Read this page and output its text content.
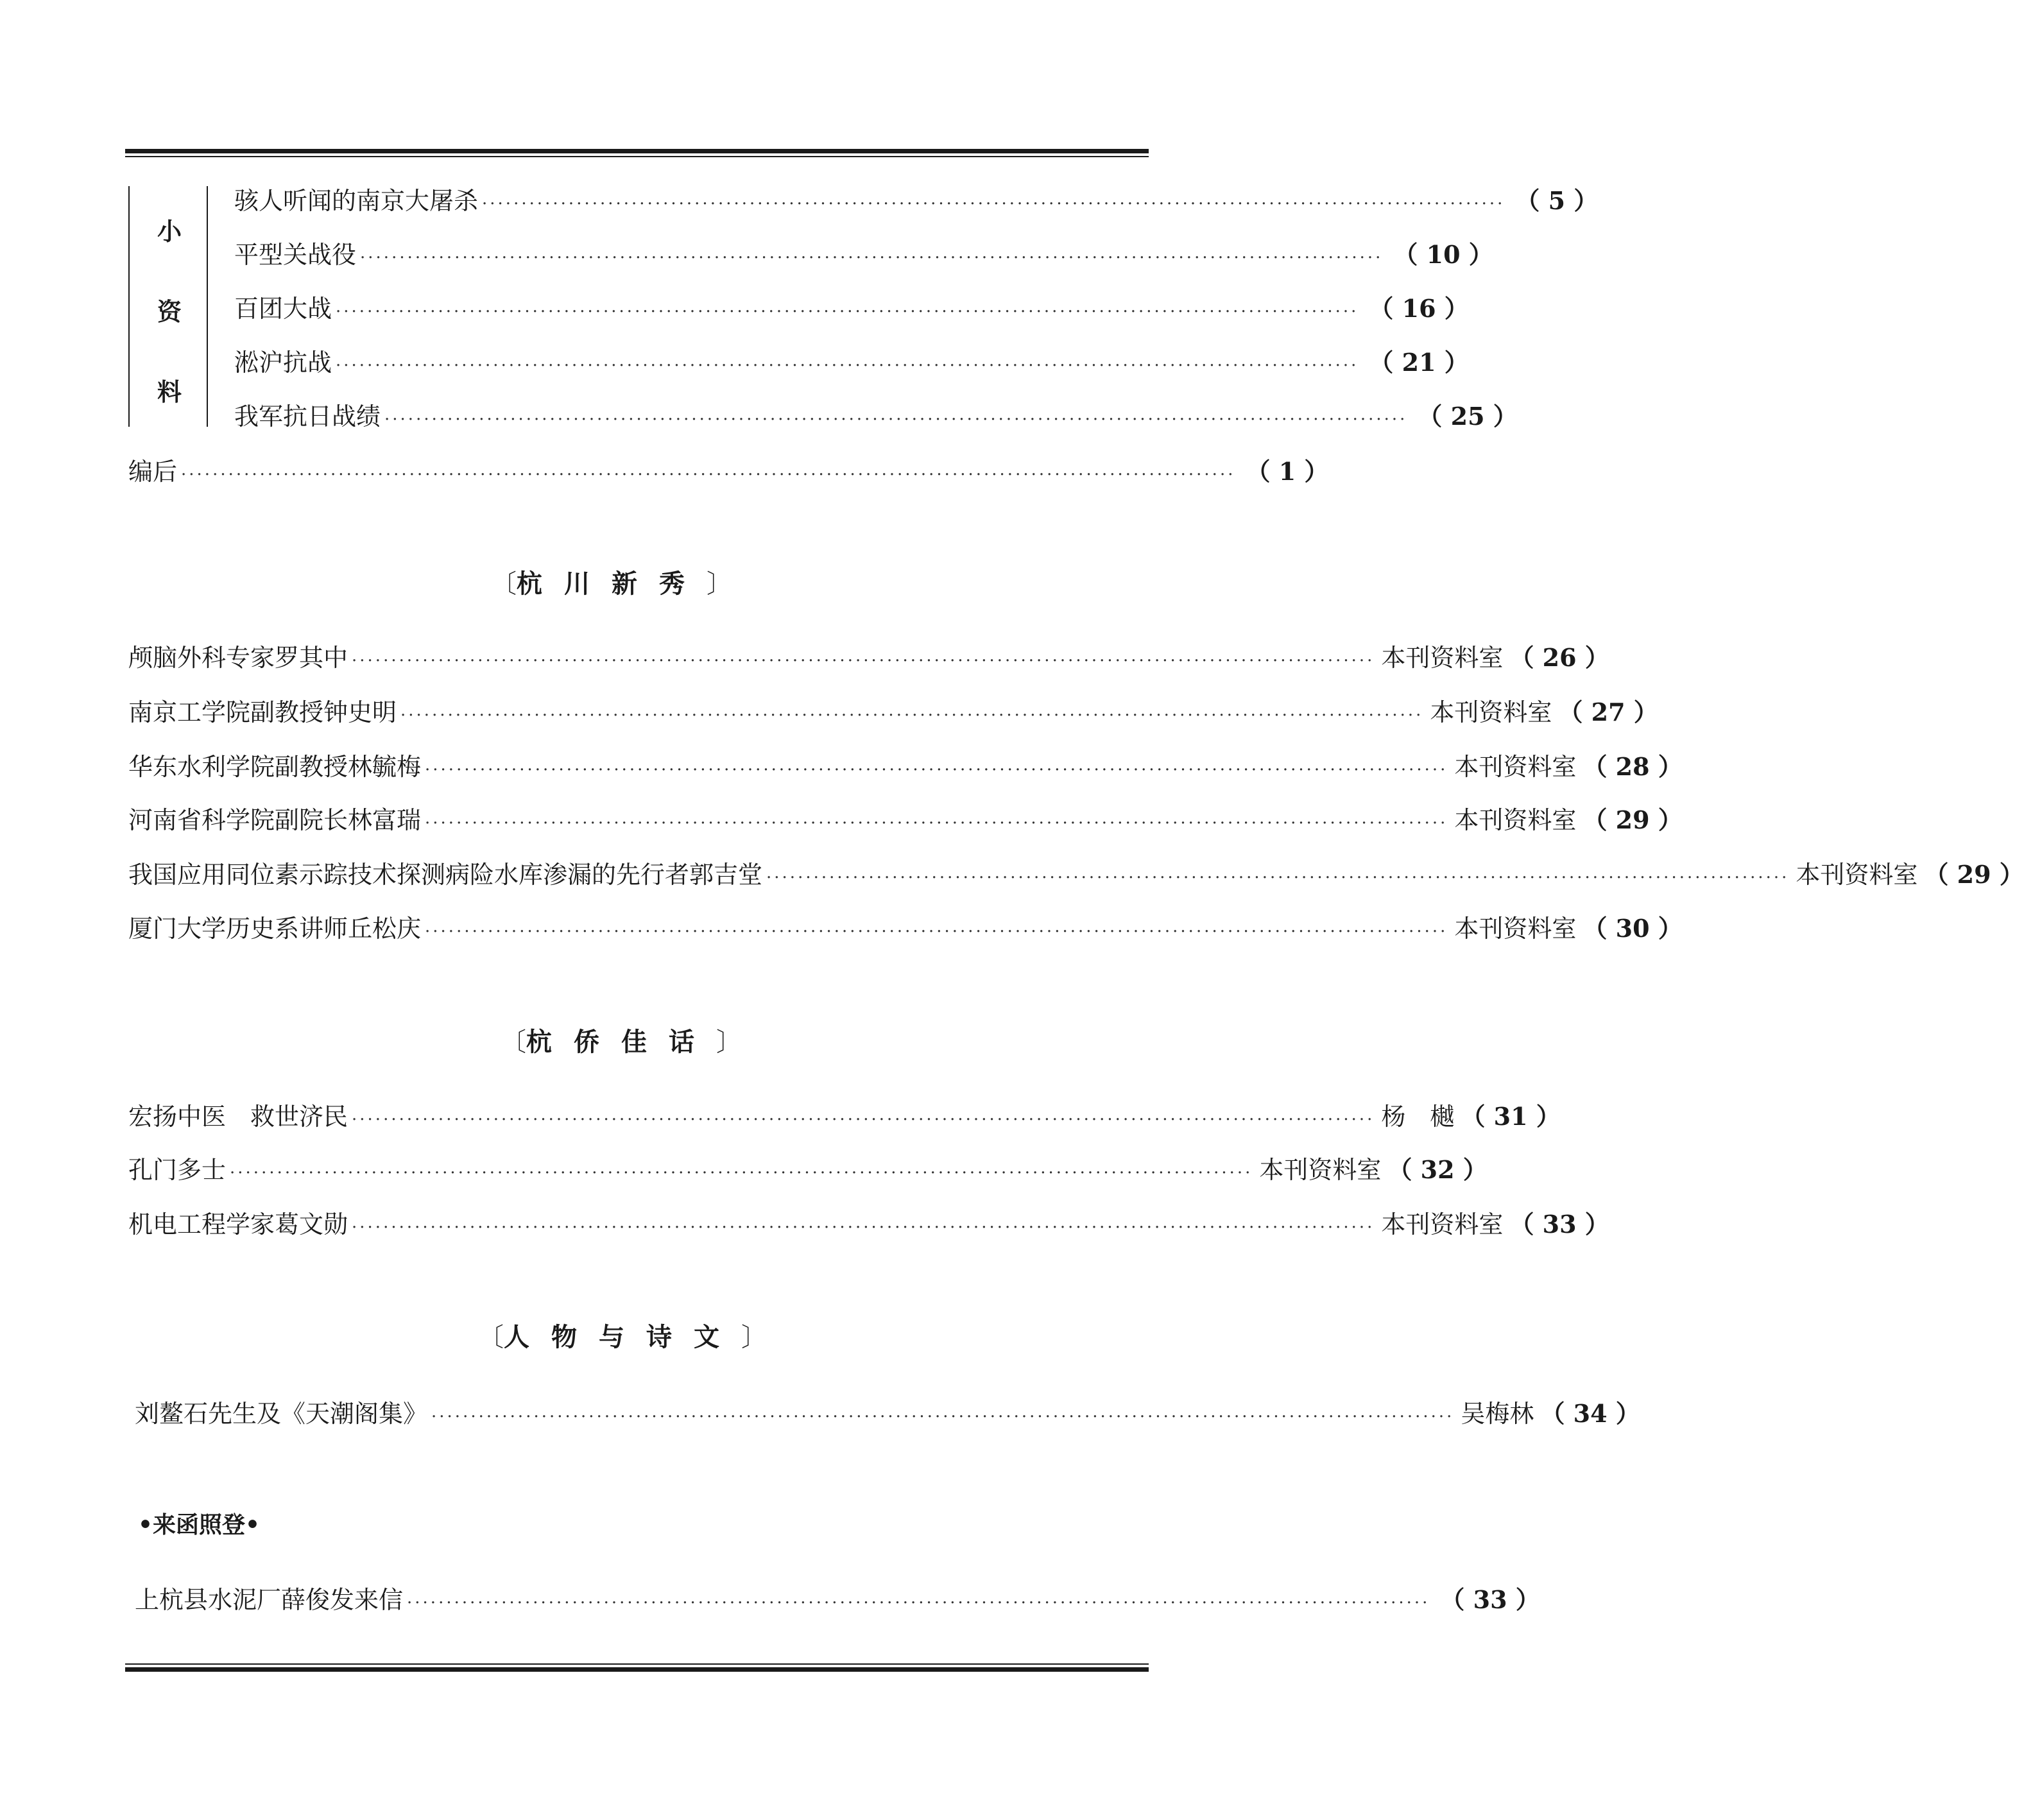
小
资
料
骇人听闻的南京大屠杀 ·································································································································· （ 5 ）
平型关战役 ·································································································································· （ 10 ）
百团大战 ·································································································································· （ 16 ）
淞沪抗战 ·································································································································· （ 21 ）
我军抗日战绩 ·································································································································· （ 25 ）
编后 ······································································································································ （ 1 ）
〔杭川新秀〕
颅脑外科专家罗其中 ·································································································································· 本刊资料室 （ 26 ）
南京工学院副教授钟史明 ·································································································································· 本刊资料室 （ 27 ）
华东水利学院副教授林毓梅 ·································································································································· 本刊资料室 （ 28 ）
河南省科学院副院长林富瑞 ·································································································································· 本刊资料室 （ 29 ）
我国应用同位素示踪技术探测病险水库渗漏的先行者郭吉堂 ·································································································································· 本刊资料室 （ 29 ）
厦门大学历史系讲师丘松庆 ·································································································································· 本刊资料室 （ 30 ）
〔杭侨佳话〕
宏扬中医　救世济民 ·································································································································· 杨　樾 （ 31 ）
孔门多士 ·································································································································· 本刊资料室 （ 32 ）
机电工程学家葛文勋 ·································································································································· 本刊资料室 （ 33 ）
〔人物与诗文〕
刘鳌石先生及《天潮阁集》 ·································································································································· 吴梅林 （ 34 ）
•来函照登•
上杭县水泥厂薛俊发来信 ·································································································································· （ 33 ）
